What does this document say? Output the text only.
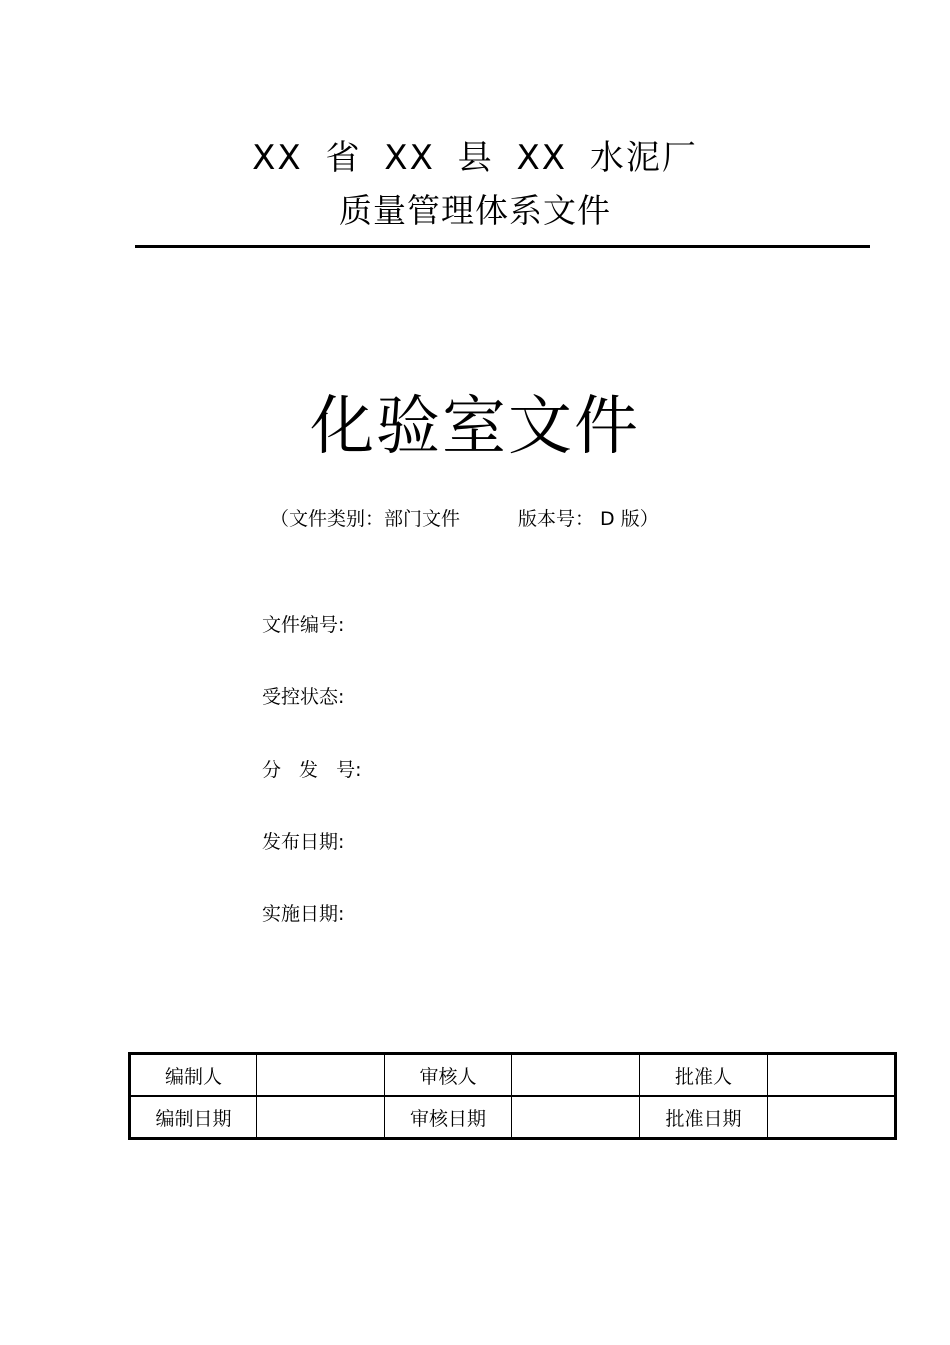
XX 省 XX 县 XX 水泥厂
质量管理体系文件
化验室文件
（文件类别：部门文件	版本号： D 版）
文件编号:
受控状态:
分 发 号:
发布日期:
实施日期:
编制人		审核人		批准人	
编制日期		审核日期		批准日期	
